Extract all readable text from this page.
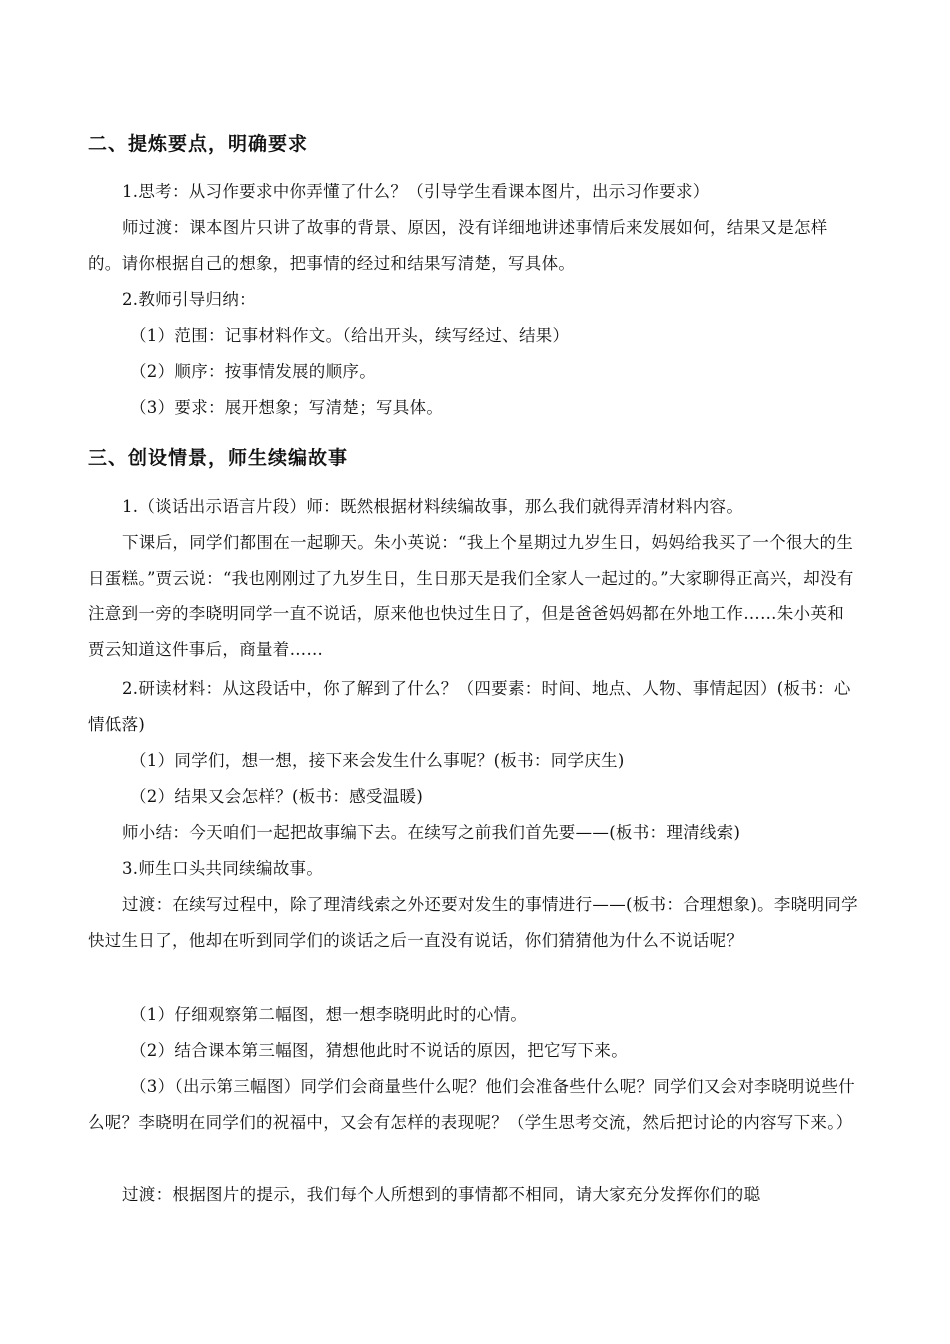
二、提炼要点，明确要求

1.思考：从习作要求中你弄懂了什么？（引导学生看课本图片，出示习作要求）

师过渡：课本图片只讲了故事的背景、原因，没有详细地讲述事情后来发展如何，结果又是怎样的。请你根据自己的想象，把事情的经过和结果写清楚，写具体。

2.教师引导归纳：

（1）范围：记事材料作文。（给出开头，续写经过、结果）

（2）顺序：按事情发展的顺序。

（3）要求：展开想象；写清楚；写具体。

三、创设情景，师生续编故事

1.（谈话出示语言片段）师：既然根据材料续编故事，那么我们就得弄清材料内容。

下课后，同学们都围在一起聊天。朱小英说：“我上个星期过九岁生日，妈妈给我买了一个很大的生日蛋糕。”贾云说：“我也刚刚过了九岁生日，生日那天是我们全家人一起过的。”大家聊得正高兴，却没有注意到一旁的李晓明同学一直不说话，原来他也快过生日了，但是爸爸妈妈都在外地工作……朱小英和贾云知道这件事后，商量着……

2.研读材料：从这段话中，你了解到了什么？（四要素：时间、地点、人物、事情起因）(板书：心情低落)

（1）同学们，想一想，接下来会发生什么事呢？(板书：同学庆生)

（2）结果又会怎样？(板书：感受温暖)

师小结：今天咱们一起把故事编下去。在续写之前我们首先要——(板书：理清线索)

3.师生口头共同续编故事。

过渡：在续写过程中，除了理清线索之外还要对发生的事情进行——(板书：合理想象)。李晓明同学快过生日了，他却在听到同学们的谈话之后一直没有说话，你们猜猜他为什么不说话呢？

（1）仔细观察第二幅图，想一想李晓明此时的心情。

（2）结合课本第三幅图，猜想他此时不说话的原因，把它写下来。

（3）（出示第三幅图）同学们会商量些什么呢？他们会准备些什么呢？同学们又会对李晓明说些什么呢？李晓明在同学们的祝福中，又会有怎样的表现呢？（学生思考交流，然后把讨论的内容写下来。）

过渡：根据图片的提示，我们每个人所想到的事情都不相同，请大家充分发挥你们的聪
